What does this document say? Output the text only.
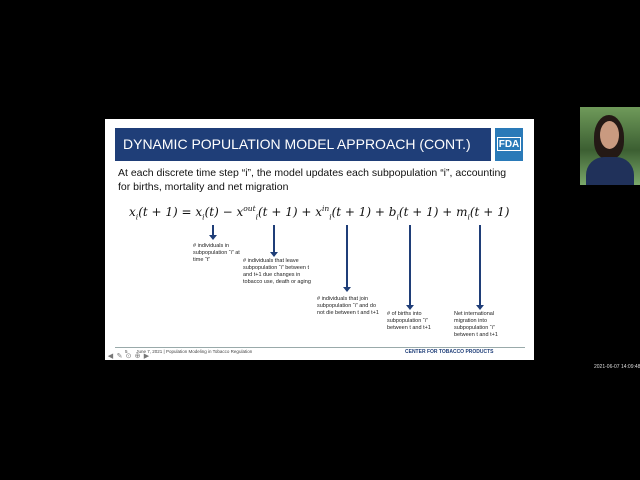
DYNAMIC POPULATION MODEL APPROACH (CONT.)	FDA
At each discrete time step “i”, the model updates each subpopulation “i”, accounting for births, mortality and net migration
$x_i(t + 1) = x_i(t) - x^{out}_i(t + 1) + x^{in}_i(t + 1) + b_i(t + 1) + m_i(t + 1)$
# individuals in subpopulation “i” at time “t”	# individuals that leave subpopulation “i” between t and t+1 due changes in tobacco use, death or aging
# individuals that join subpopulation “i” and do not die between t and t+1	# of births into subpopulation “i” between t and t+1
Net international migration into subpopulation “i” between t and t+1
5 June 7, 2021 | Population Modeling in Tobacco Regulation	CENTER FOR TOBACCO PRODUCTS
◀ ✎ ⊙ ⊕ ▶
2021-06-07 14:09:48
